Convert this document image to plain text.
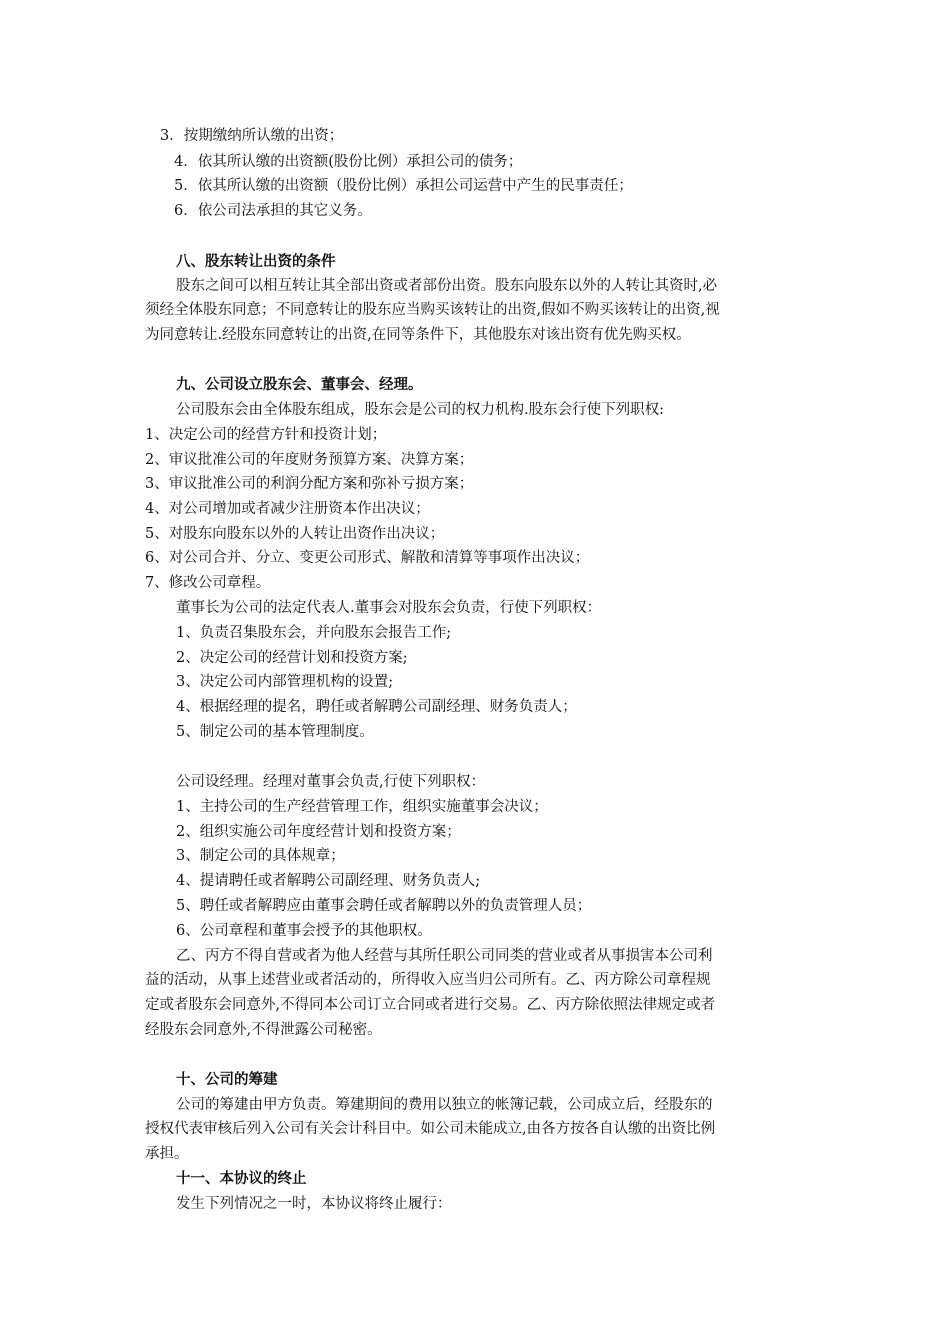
3．按期缴纳所认缴的出资；

4．依其所认缴的出资额(股份比例）承担公司的债务；

5．依其所认缴的出资额（股份比例）承担公司运营中产生的民事责任；

6．依公司法承担的其它义务。

八、股东转让出资的条件

股东之间可以相互转让其全部出资或者部份出资。股东向股东以外的人转让其资时,必

须经全体股东同意；不同意转让的股东应当购买该转让的出资,假如不购买该转让的出资,视

为同意转让.经股东同意转让的出资,在同等条件下，其他股东对该出资有优先购买权。

九、公司设立股东会、董事会、经理。

公司股东会由全体股东组成，股东会是公司的权力机构.股东会行使下列职权:

1、决定公司的经营方针和投资计划；

2、审议批准公司的年度财务预算方案、决算方案；

3、审议批准公司的利润分配方案和弥补亏损方案；

4、对公司增加或者减少注册资本作出决议；

5、对股东向股东以外的人转让出资作出决议；

6、对公司合并、分立、变更公司形式、解散和清算等事项作出决议；

7、修改公司章程。

董事长为公司的法定代表人.董事会对股东会负责，行使下列职权：

1、负责召集股东会，并向股东会报告工作;

2、决定公司的经营计划和投资方案;

3、决定公司内部管理机构的设置;

4、根据经理的提名，聘任或者解聘公司副经理、财务负责人；

5、制定公司的基本管理制度。

公司设经理。经理对董事会负责,行使下列职权：

1、主持公司的生产经营管理工作，组织实施董事会决议；

2、组织实施公司年度经营计划和投资方案；

3、制定公司的具体规章；

4、提请聘任或者解聘公司副经理、财务负责人;

5、聘任或者解聘应由董事会聘任或者解聘以外的负责管理人员；

6、公司章程和董事会授予的其他职权。

乙、丙方不得自营或者为他人经营与其所任职公司同类的营业或者从事损害本公司利

益的活动，从事上述营业或者活动的，所得收入应当归公司所有。乙、丙方除公司章程规

定或者股东会同意外,不得同本公司订立合同或者进行交易。乙、丙方除依照法律规定或者

经股东会同意外,不得泄露公司秘密。

十、公司的筹建

公司的筹建由甲方负责。筹建期间的费用以独立的帐簿记载，公司成立后，经股东的

授权代表审核后列入公司有关会计科目中。如公司未能成立,由各方按各自认缴的出资比例

承担。

十一、本协议的终止

发生下列情况之一时，本协议将终止履行：
